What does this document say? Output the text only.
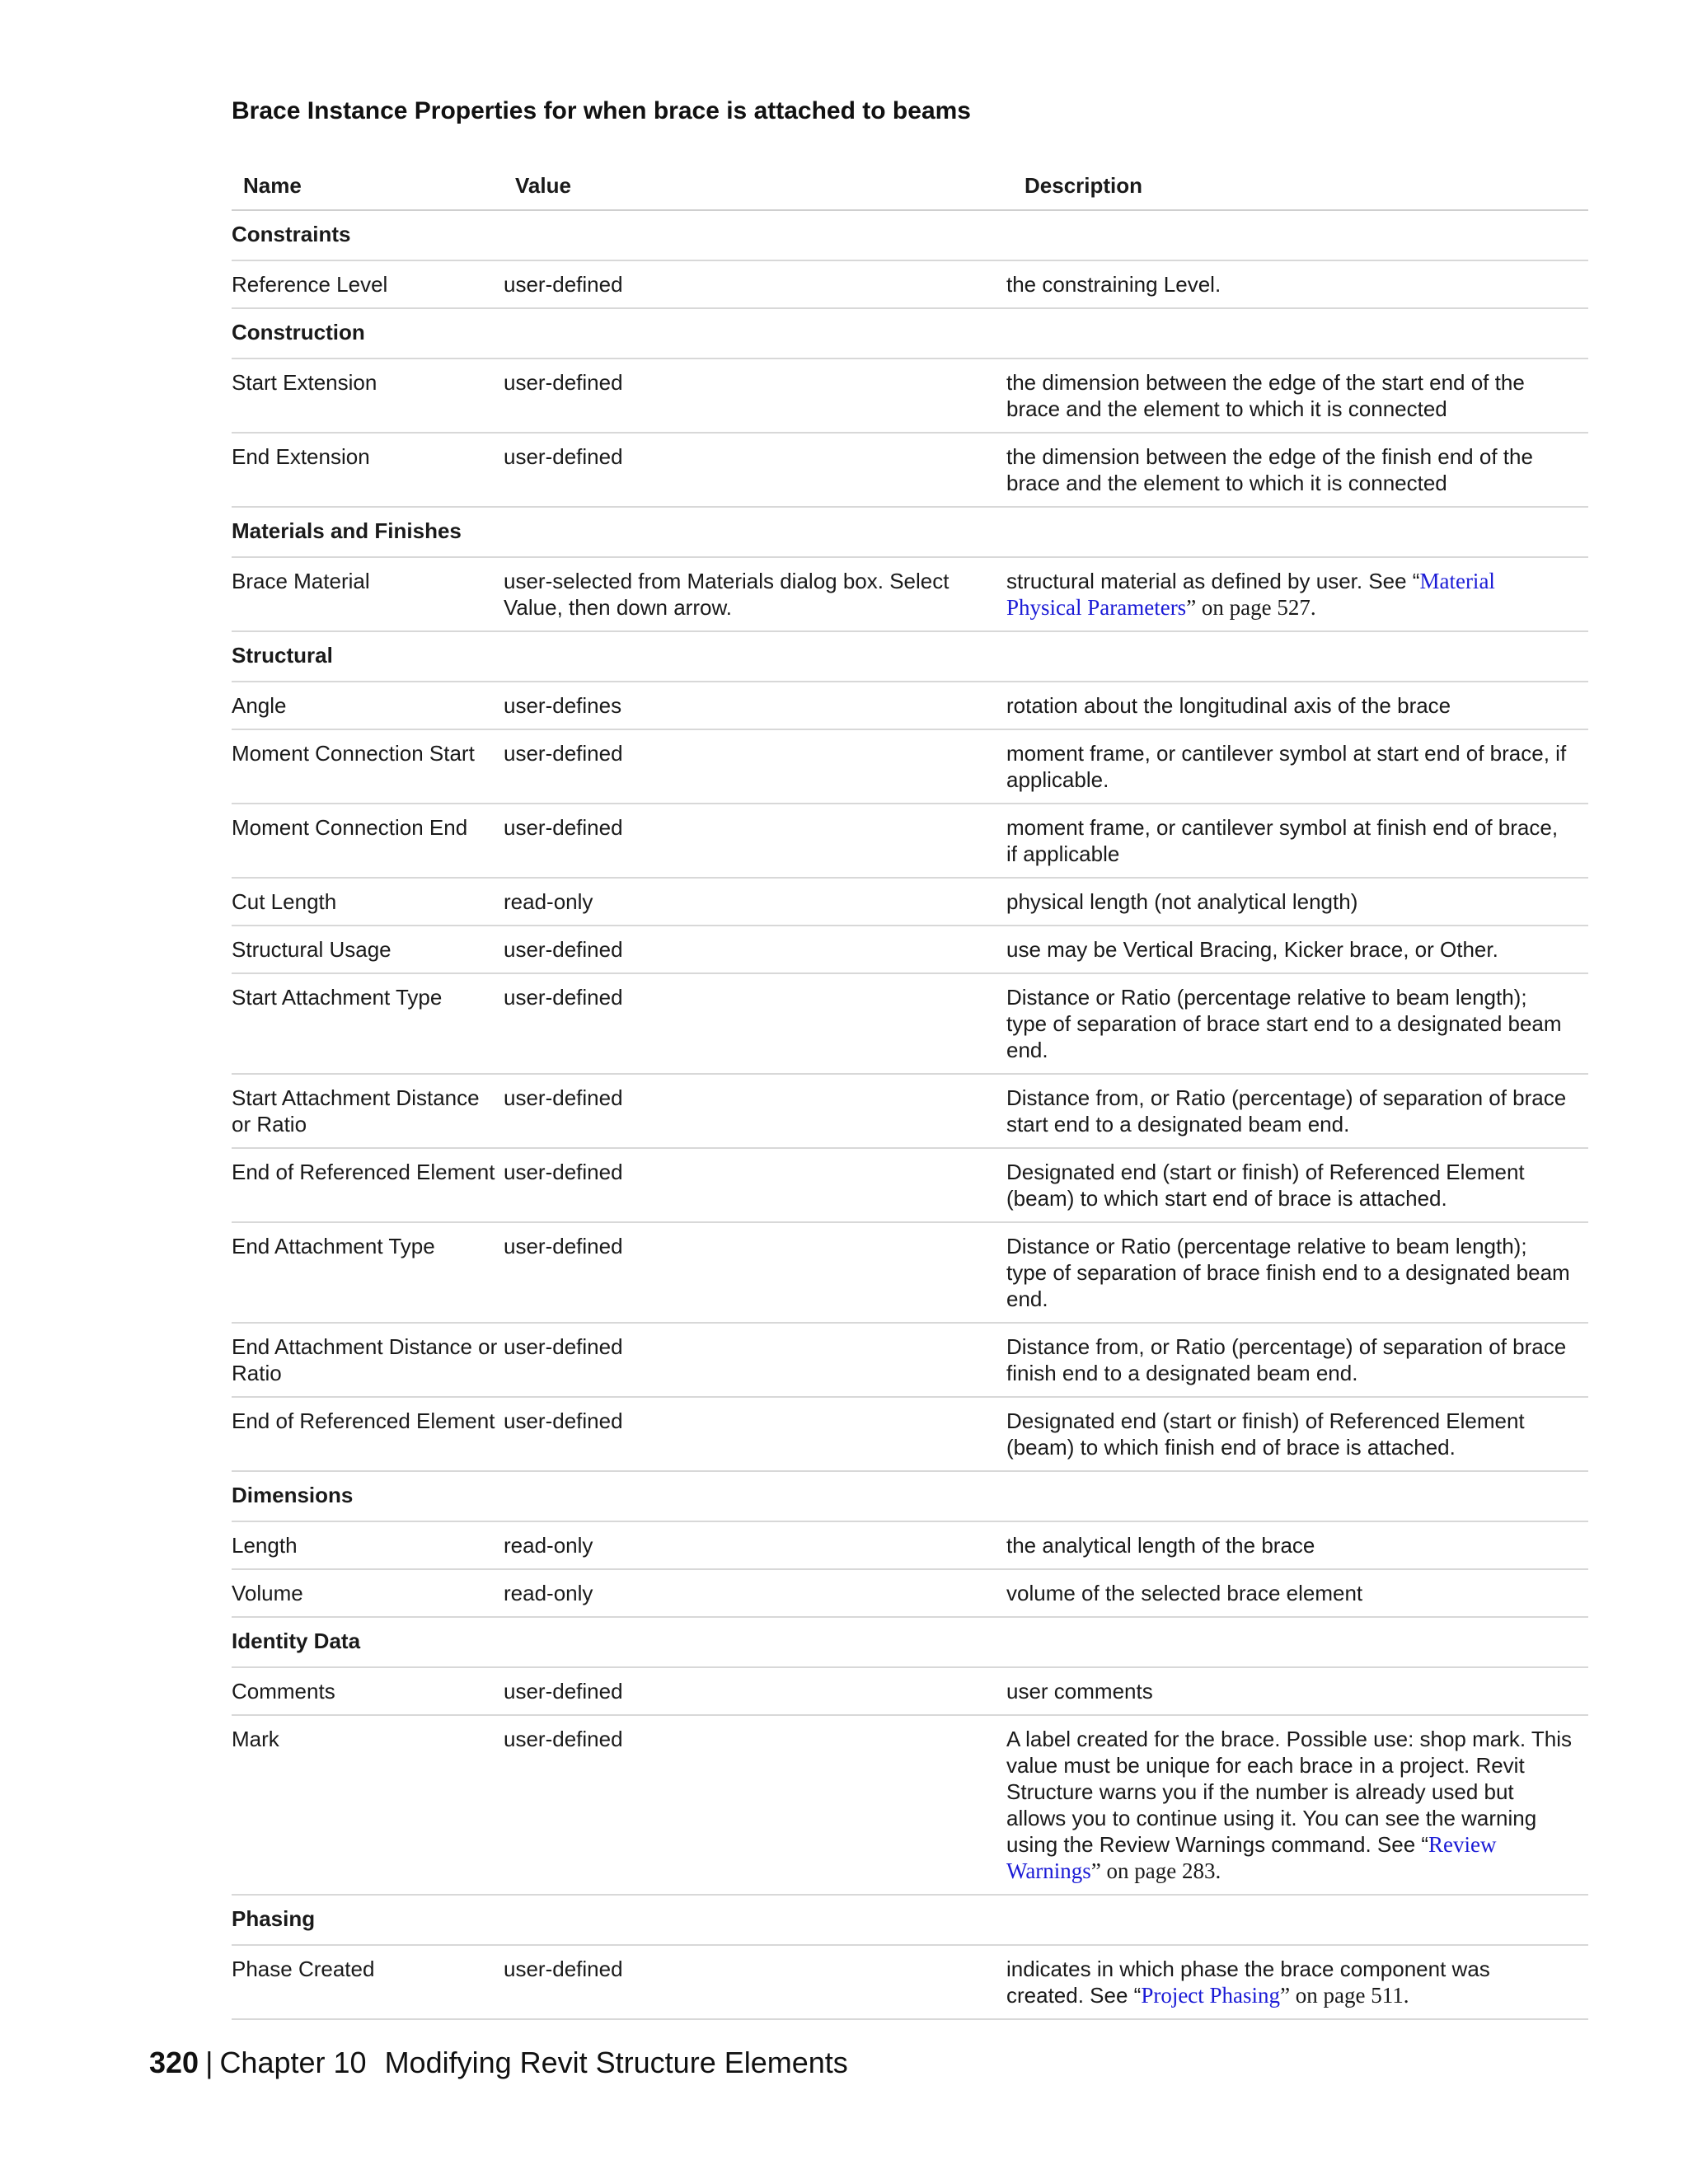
Brace Instance Properties for when brace is attached to beams
Name	Value	Description
Constraints		
Reference Level	user-defined	the constraining Level.
Construction		
Start Extension	user-defined	the dimension between the edge of the start end of the brace and the element to which it is connected
End Extension	user-defined	the dimension between the edge of the finish end of the brace and the element to which it is connected
Materials and Finishes		
Brace Material	user-selected from Materials dialog box. Select Value, then down arrow.	structural material as defined by user. See “Material Physical Parameters” on page 527.
Structural		
Angle	user-defines	rotation about the longitudinal axis of the brace
Moment Connection Start	user-defined	moment frame, or cantilever symbol at start end of brace, if applicable.
Moment Connection End	user-defined	moment frame, or cantilever symbol at finish end of brace, if applicable
Cut Length	read-only	physical length (not analytical length)
Structural Usage	user-defined	use may be Vertical Bracing, Kicker brace, or Other.
Start Attachment Type	user-defined	Distance or Ratio (percentage relative to beam length); type of separation of brace start end to a designated beam end.
Start Attachment Distance or Ratio	user-defined	Distance from, or Ratio (percentage) of separation of brace start end to a designated beam end.
End of Referenced Element	user-defined	Designated end (start or finish) of Referenced Element (beam) to which start end of brace is attached.
End Attachment Type	user-defined	Distance or Ratio (percentage relative to beam length); type of separation of brace finish end to a designated beam end.
End Attachment Distance or Ratio	user-defined	Distance from, or Ratio (percentage) of separation of brace finish end to a designated beam end.
End of Referenced Element	user-defined	Designated end (start or finish) of Referenced Element (beam) to which finish end of brace is attached.
Dimensions		
Length	read-only	the analytical length of the brace
Volume	read-only	volume of the selected brace element
Identity Data		
Comments	user-defined	user comments
Mark	user-defined	A label created for the brace. Possible use: shop mark. This value must be unique for each brace in a project. Revit Structure warns you if the number is already used but allows you to continue using it. You can see the warning using the Review Warnings command. See “Review Warnings” on page 283.
Phasing		
Phase Created	user-defined	indicates in which phase the brace component was created. See “Project Phasing” on page 511.
320 | Chapter 10 Modifying Revit Structure Elements
